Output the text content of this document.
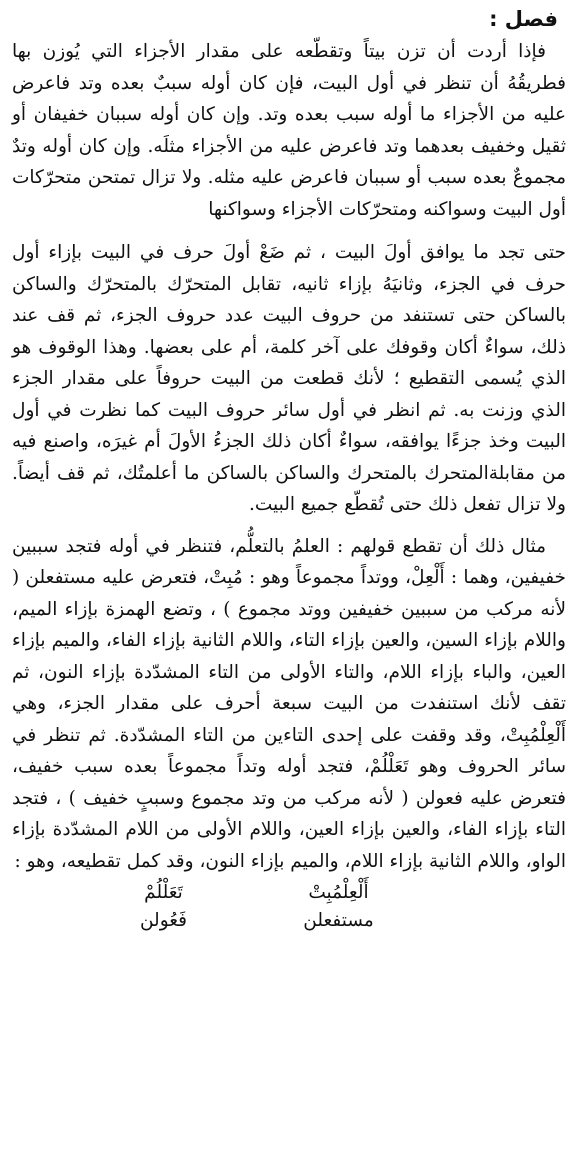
فصل :

فإذا أردت أن تزن بيتاً وتقطّعه على مقدار الأجزاء التي يُوزن بها فطريقُهُ أن تنظر في أول البيت، فإن كان أوله سببٌ بعده وتد فاعرض عليه من الأجزاء ما أوله سبب بعده وتد. وإن كان أوله سببان خفيفان أو ثقيل وخفيف بعدهما وتد فاعرض عليه من الأجزاء مثلَه. وإن كان أوله وتدٌ مجموعٌ بعده سبب أو سببان فاعرض عليه مثله. ولا تزال تمتحن متحرّكات أول البيت وسواكنه ومتحرّكات الأجزاء وسواكنها

حتى تجد ما يوافق أولَ البيت ، ثم ضَعْ أولَ حرف في البيت بإزاء أول حرف في الجزء، وثانيَهُ بإزاء ثانيه، تقابل المتحرّك بالمتحرّك والساكن بالساكن حتى تستنفد من حروف البيت عدد حروف الجزء، ثم قف عند ذلك، سواءٌ أكان وقوفك على آخر كلمة، أم على بعضها. وهذا الوقوف هو الذي يُسمى التقطيع ؛ لأنك قطعت من البيت حروفاً على مقدار الجزء الذي وزنت به. ثم انظر في أول سائر حروف البيت كما نظرت في أول البيت وخذ جزءًا يوافقه، سواءٌ أكان ذلك الجزءُ الأولَ أم غيرَه، واصنع فيه من مقابلةالمتحرك بالمتحرك والساكن بالساكن ما أعلمتُك، ثم قف أيضاً. ولا تزال تفعل ذلك حتى تُقطّع جميع البيت.

مثال ذلك أن تقطع قولهم : العلمُ بالتعلُّم، فتنظر في أوله فتجد سببين خفيفين، وهما : أَلْعِلْ، ووتداً مجموعاً وهو : مُبِتْ، فتعرض عليه مستفعلن ( لأنه مركب من سببين خفيفين ووتد مجموع ) ، وتضع الهمزة بإزاء الميم، واللام بإزاء السين، والعين بإزاء التاء، واللام الثانية بإزاء الفاء، والميم بإزاء العين، والباء بإزاء اللام، والتاء الأولى من التاء المشدّدة بإزاء النون، ثم تقف لأنك استنفدت من البيت سبعة أحرف على مقدار الجزء، وهي أَلْعِلْمُبِتْ، وقد وقفت على إحدى التاءين من التاء المشدّدة. ثم تنظر في سائر الحروف وهو تَعَلْلُمْ، فتجد أوله وتداً مجموعاً بعده سبب خفيف، فتعرض عليه فعولن ( لأنه مركب من وتد مجموع وسببٍ خفيف ) ، فتجد التاء بإزاء الفاء، والعين بإزاء العين، واللام الأولى من اللام المشدّدة بإزاء الواو، واللام الثانية بإزاء اللام، والميم بإزاء النون، وقد كمل تقطيعه، وهو :

أَلْعِلْمُبِتْ
مستفعلن
تَعَلْلُمْ
فَعُولن
